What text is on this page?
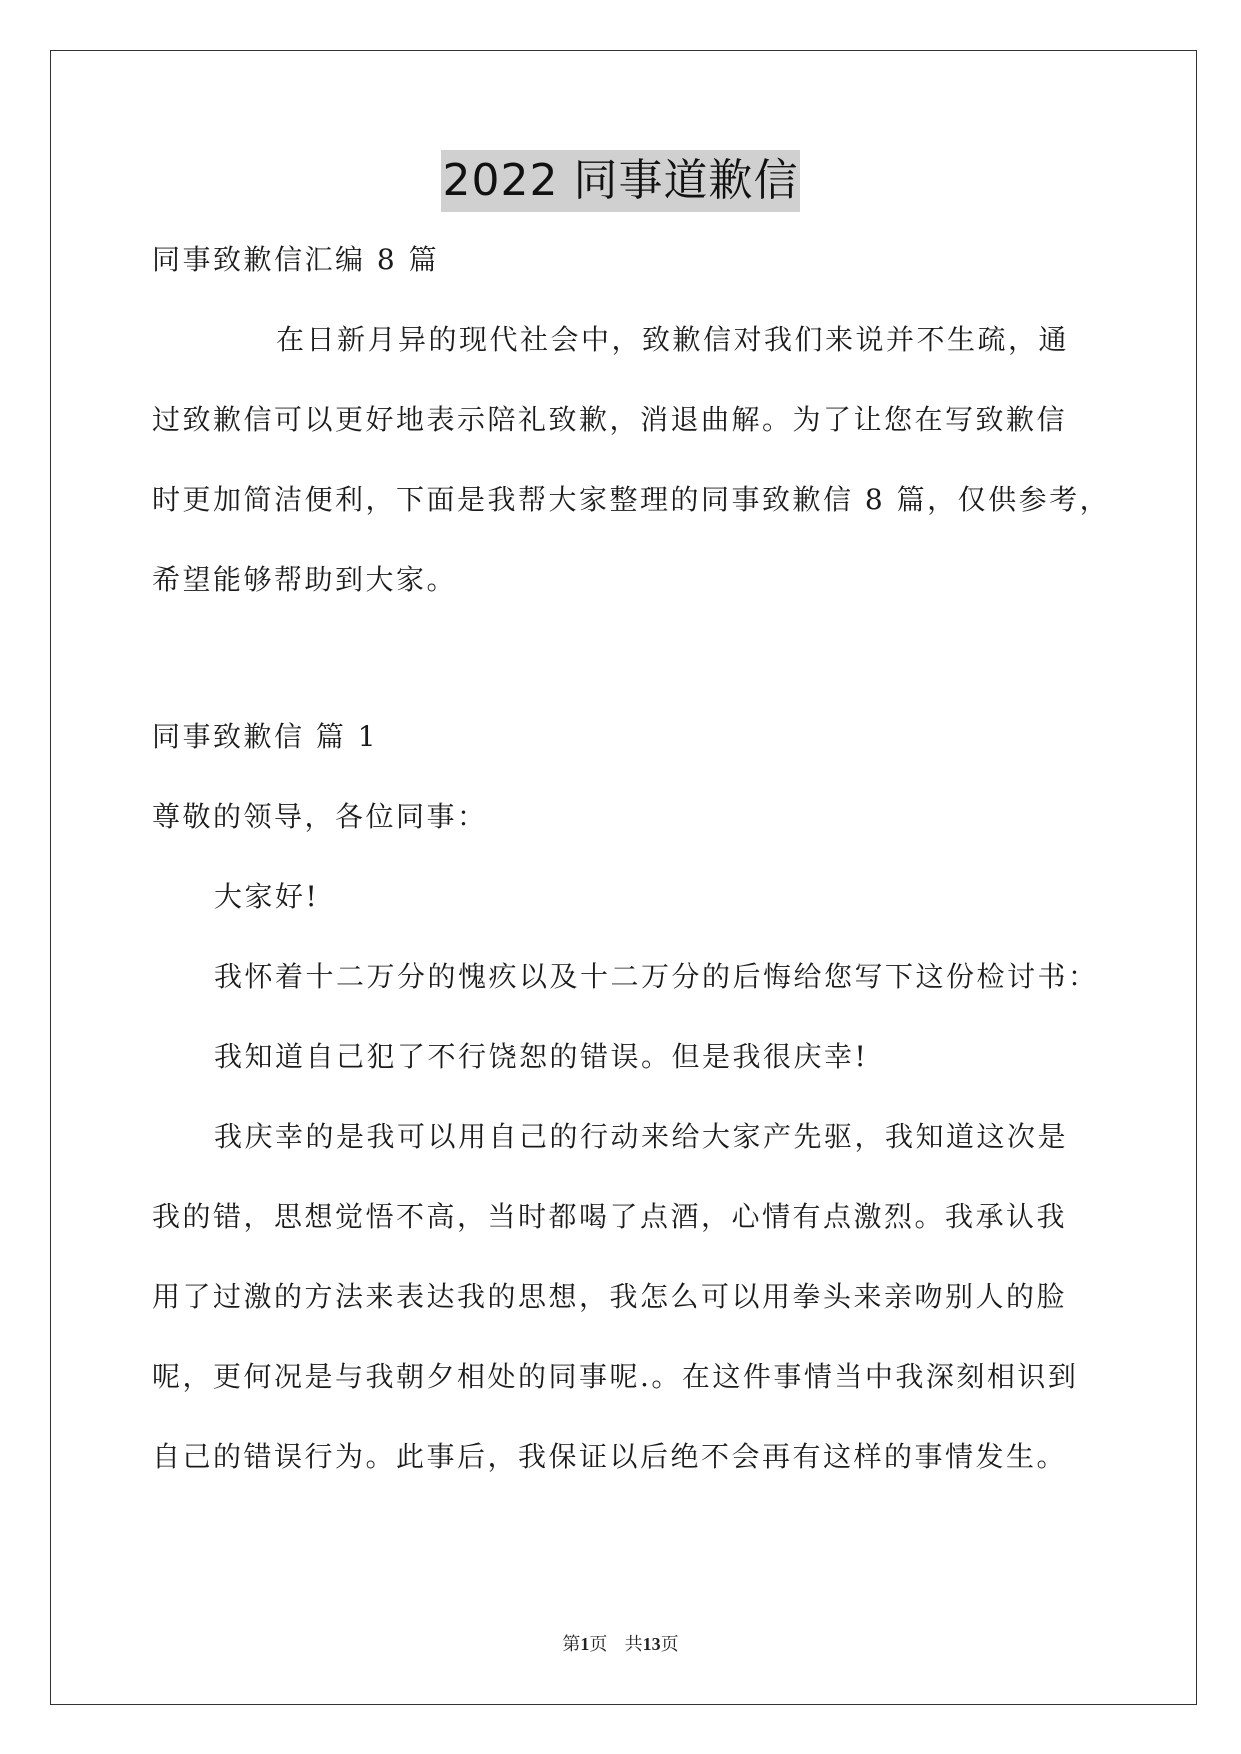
2022 同事道歉信
同事致歉信汇编 8 篇
在日新月异的现代社会中，致歉信对我们来说并不生疏，通
过致歉信可以更好地表示陪礼致歉，消退曲解。为了让您在写致歉信
时更加简洁便利，下面是我帮大家整理的同事致歉信 8 篇，仅供参考，
希望能够帮助到大家。
同事致歉信 篇 1
尊敬的领导，各位同事：
大家好!
我怀着十二万分的愧疚以及十二万分的后悔给您写下这份检讨书：
我知道自己犯了不行饶恕的错误。但是我很庆幸!
我庆幸的是我可以用自己的行动来给大家产先驱，我知道这次是
我的错，思想觉悟不高，当时都喝了点酒，心情有点激烈。我承认我
用了过激的方法来表达我的思想，我怎么可以用拳头来亲吻别人的脸
呢，更何况是与我朝夕相处的同事呢.。在这件事情当中我深刻相识到
自己的错误行为。此事后，我保证以后绝不会再有这样的事情发生。
第1页 共13页
